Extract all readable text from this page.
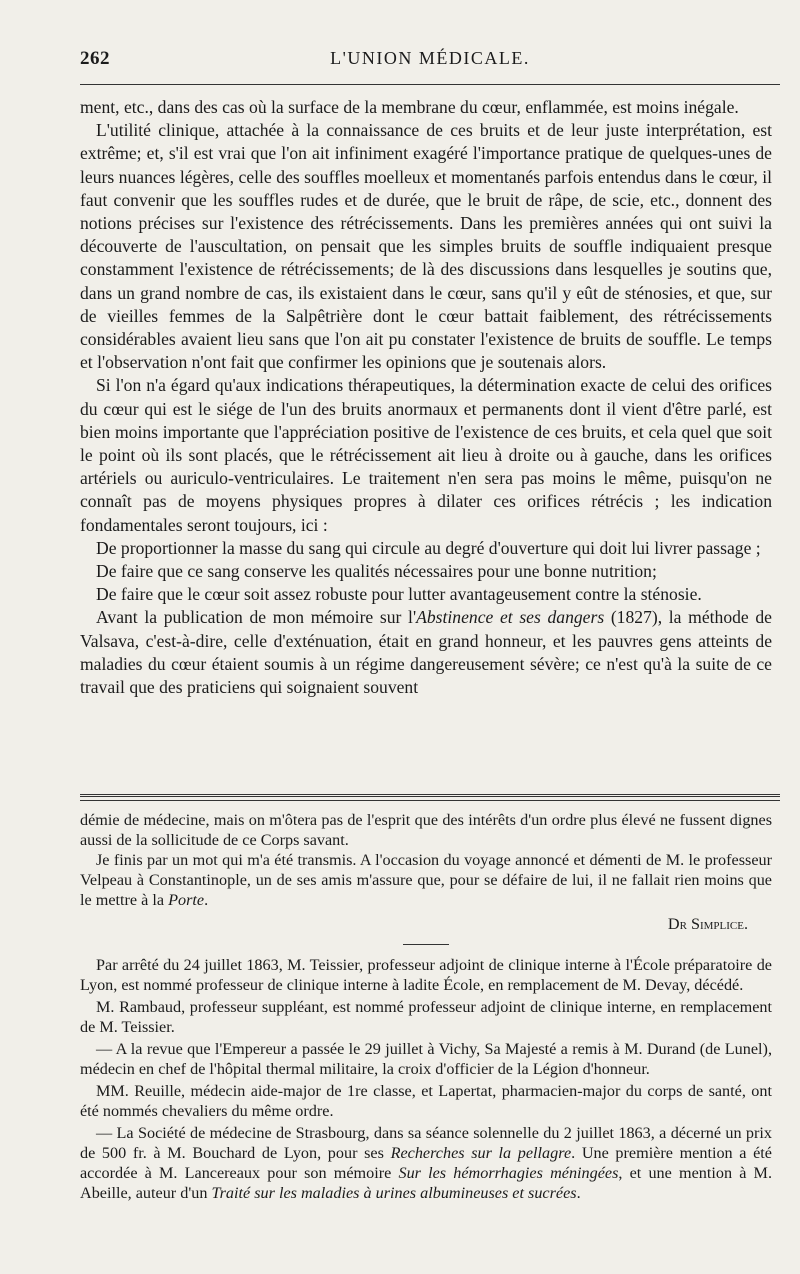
262	L'UNION MÉDICALE.

ment, etc., dans des cas où la surface de la membrane du cœur, enflammée, est moins inégale.

L'utilité clinique, attachée à la connaissance de ces bruits et de leur juste interprétation, est extrême; et, s'il est vrai que l'on ait infiniment exagéré l'importance pratique de quelques-unes de leurs nuances légères, celle des souffles moelleux et momentanés parfois entendus dans le cœur, il faut convenir que les souffles rudes et de durée, que le bruit de râpe, de scie, etc., donnent des notions précises sur l'existence des rétrécissements. Dans les premières années qui ont suivi la découverte de l'auscultation, on pensait que les simples bruits de souffle indiquaient presque constamment l'existence de rétrécissements; de là des discussions dans lesquelles je soutins que, dans un grand nombre de cas, ils existaient dans le cœur, sans qu'il y eût de sténosies, et que, sur de vieilles femmes de la Salpêtrière dont le cœur battait faiblement, des rétrécissements considérables avaient lieu sans que l'on ait pu constater l'existence de bruits de souffle. Le temps et l'observation n'ont fait que confirmer les opinions que je soutenais alors.

Si l'on n'a égard qu'aux indications thérapeutiques, la détermination exacte de celui des orifices du cœur qui est le siége de l'un des bruits anormaux et permanents dont il vient d'être parlé, est bien moins importante que l'appréciation positive de l'existence de ces bruits, et cela quel que soit le point où ils sont placés, que le rétrécissement ait lieu à droite ou à gauche, dans les orifices artériels ou auriculo-ventriculaires. Le traitement n'en sera pas moins le même, puisqu'on ne connaît pas de moyens physiques propres à dilater ces orifices rétrécis ; les indication fondamentales seront toujours, ici :

De proportionner la masse du sang qui circule au degré d'ouverture qui doit lui livrer passage ;

De faire que ce sang conserve les qualités nécessaires pour une bonne nutrition;

De faire que le cœur soit assez robuste pour lutter avantageusement contre la sténosie.

Avant la publication de mon mémoire sur l'Abstinence et ses dangers (1827), la méthode de Valsava, c'est-à-dire, celle d'exténuation, était en grand honneur, et les pauvres gens atteints de maladies du cœur étaient soumis à un régime dangereusement sévère; ce n'est qu'à la suite de ce travail que des praticiens qui soignaient souvent

démie de médecine, mais on m'ôtera pas de l'esprit que des intérêts d'un ordre plus élevé ne fussent dignes aussi de la sollicitude de ce Corps savant.

Je finis par un mot qui m'a été transmis. A l'occasion du voyage annoncé et démenti de M. le professeur Velpeau à Constantinople, un de ses amis m'assure que, pour se défaire de lui, il ne fallait rien moins que le mettre à la Porte.

Dr Simplice.

Par arrêté du 24 juillet 1863, M. Teissier, professeur adjoint de clinique interne à l'École préparatoire de Lyon, est nommé professeur de clinique interne à ladite École, en remplacement de M. Devay, décédé.

M. Rambaud, professeur suppléant, est nommé professeur adjoint de clinique interne, en remplacement de M. Teissier.

— A la revue que l'Empereur a passée le 29 juillet à Vichy, Sa Majesté a remis à M. Durand (de Lunel), médecin en chef de l'hôpital thermal militaire, la croix d'officier de la Légion d'honneur.

MM. Reuille, médecin aide-major de 1re classe, et Lapertat, pharmacien-major du corps de santé, ont été nommés chevaliers du même ordre.

— La Société de médecine de Strasbourg, dans sa séance solennelle du 2 juillet 1863, a décerné un prix de 500 fr. à M. Bouchard de Lyon, pour ses Recherches sur la pellagre. Une première mention a été accordée à M. Lancereaux pour son mémoire Sur les hémorrhagies méningées, et une mention à M. Abeille, auteur d'un Traité sur les maladies à urines albumineuses et sucrées.
